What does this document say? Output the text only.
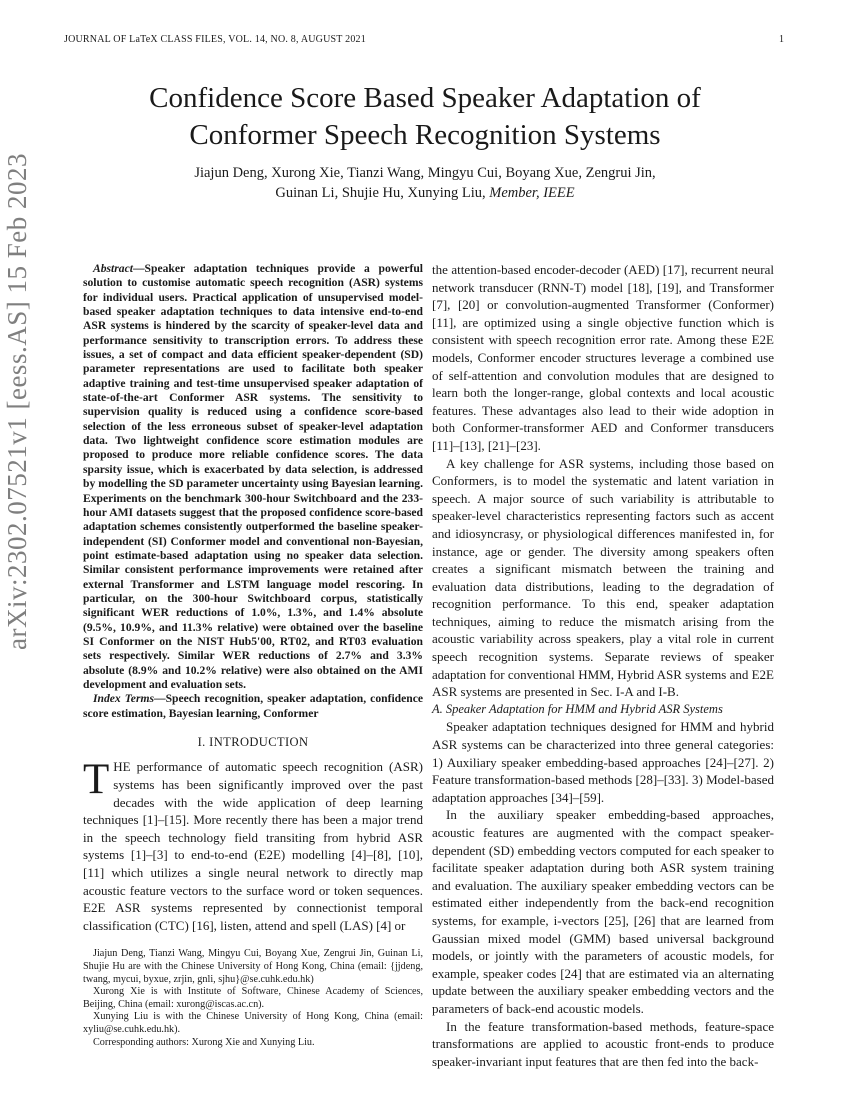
JOURNAL OF LaTeX CLASS FILES, VOL. 14, NO. 8, AUGUST 2021	1
arXiv:2302.07521v1 [eess.AS] 15 Feb 2023
Confidence Score Based Speaker Adaptation of
Conformer Speech Recognition Systems
Jiajun Deng, Xurong Xie, Tianzi Wang, Mingyu Cui, Boyang Xue, Zengrui Jin,
Guinan Li, Shujie Hu, Xunying Liu, Member, IEEE

Abstract—Speaker adaptation techniques provide a powerful solution to customise automatic speech recognition (ASR) systems for individual users. Practical application of unsupervised model-based speaker adaptation techniques to data intensive end-to-end ASR systems is hindered by the scarcity of speaker-level data and performance sensitivity to transcription errors. To address these issues, a set of compact and data efficient speaker-dependent (SD) parameter representations are used to facilitate both speaker adaptive training and test-time unsupervised speaker adaptation of state-of-the-art Conformer ASR systems. The sensitivity to supervision quality is reduced using a confidence score-based selection of the less erroneous subset of speaker-level adaptation data. Two lightweight confidence score estimation modules are proposed to produce more reliable confidence scores. The data sparsity issue, which is exacerbated by data selection, is addressed by modelling the SD parameter uncertainty using Bayesian learning. Experiments on the benchmark 300-hour Switchboard and the 233-hour AMI datasets suggest that the proposed confidence score-based adaptation schemes consistently outperformed the baseline speaker-independent (SI) Conformer model and conventional non-Bayesian, point estimate-based adaptation using no speaker data selection. Similar consistent performance improvements were retained after external Transformer and LSTM language model rescoring. In particular, on the 300-hour Switchboard corpus, statistically significant WER reductions of 1.0%, 1.3%, and 1.4% absolute (9.5%, 10.9%, and 11.3% relative) were obtained over the baseline SI Conformer on the NIST Hub5'00, RT02, and RT03 evaluation sets respectively. Similar WER reductions of 2.7% and 3.3% absolute (8.9% and 10.2% relative) were also obtained on the AMI development and evaluation sets.

Index Terms—Speech recognition, speaker adaptation, confidence score estimation, Bayesian learning, Conformer

I. INTRODUCTION

THE performance of automatic speech recognition (ASR) systems has been significantly improved over the past decades with the wide application of deep learning techniques [1]–[15]. More recently there has been a major trend in the speech technology field transiting from hybrid ASR systems [1]–[3] to end-to-end (E2E) modelling [4]–[8], [10], [11] which utilizes a single neural network to directly map acoustic feature vectors to the surface word or token sequences. E2E ASR systems represented by connectionist temporal classification (CTC) [16], listen, attend and spell (LAS) [4] or

Jiajun Deng, Tianzi Wang, Mingyu Cui, Boyang Xue, Zengrui Jin, Guinan Li, Shujie Hu are with the Chinese University of Hong Kong, China (email: {jjdeng, twang, mycui, byxue, zrjin, gnli, sjhu}@se.cuhk.edu.hk)

Xurong Xie is with Institute of Software, Chinese Academy of Sciences, Beijing, China (email: xurong@iscas.ac.cn).

Xunying Liu is with the Chinese University of Hong Kong, China (email: xyliu@se.cuhk.edu.hk).

Corresponding authors: Xurong Xie and Xunying Liu.

the attention-based encoder-decoder (AED) [17], recurrent neural network transducer (RNN-T) model [18], [19], and Transformer [7], [20] or convolution-augmented Transformer (Conformer) [11], are optimized using a single objective function which is consistent with speech recognition error rate. Among these E2E models, Conformer encoder structures leverage a combined use of self-attention and convolution modules that are designed to learn both the longer-range, global contexts and local acoustic features. These advantages also lead to their wide adoption in both Conformer-transformer AED and Conformer transducers [11]–[13], [21]–[23].

A key challenge for ASR systems, including those based on Conformers, is to model the systematic and latent variation in speech. A major source of such variability is attributable to speaker-level characteristics representing factors such as accent and idiosyncrasy, or physiological differences manifested in, for instance, age or gender. The diversity among speakers often creates a significant mismatch between the training and evaluation data distributions, leading to the degradation of recognition performance. To this end, speaker adaptation techniques, aiming to reduce the mismatch arising from the acoustic variability across speakers, play a vital role in current speech recognition systems. Separate reviews of speaker adaptation for conventional HMM, Hybrid ASR systems and E2E ASR systems are presented in Sec. I-A and I-B.

A. Speaker Adaptation for HMM and Hybrid ASR Systems

Speaker adaptation techniques designed for HMM and hybrid ASR systems can be characterized into three general categories: 1) Auxiliary speaker embedding-based approaches [24]–[27]. 2) Feature transformation-based methods [28]–[33]. 3) Model-based adaptation approaches [34]–[59].

In the auxiliary speaker embedding-based approaches, acoustic features are augmented with the compact speaker-dependent (SD) embedding vectors computed for each speaker to facilitate speaker adaptation during both ASR system training and evaluation. The auxiliary speaker embedding vectors can be estimated either independently from the back-end recognition systems, for example, i-vectors [25], [26] that are learned from Gaussian mixed model (GMM) based universal background models, or jointly with the parameters of acoustic models, for example, speaker codes [24] that are estimated via an alternating update between the auxiliary speaker embedding vectors and the parameters of back-end acoustic models.

In the feature transformation-based methods, feature-space transformations are applied to acoustic front-ends to produce speaker-invariant input features that are then fed into the back-
